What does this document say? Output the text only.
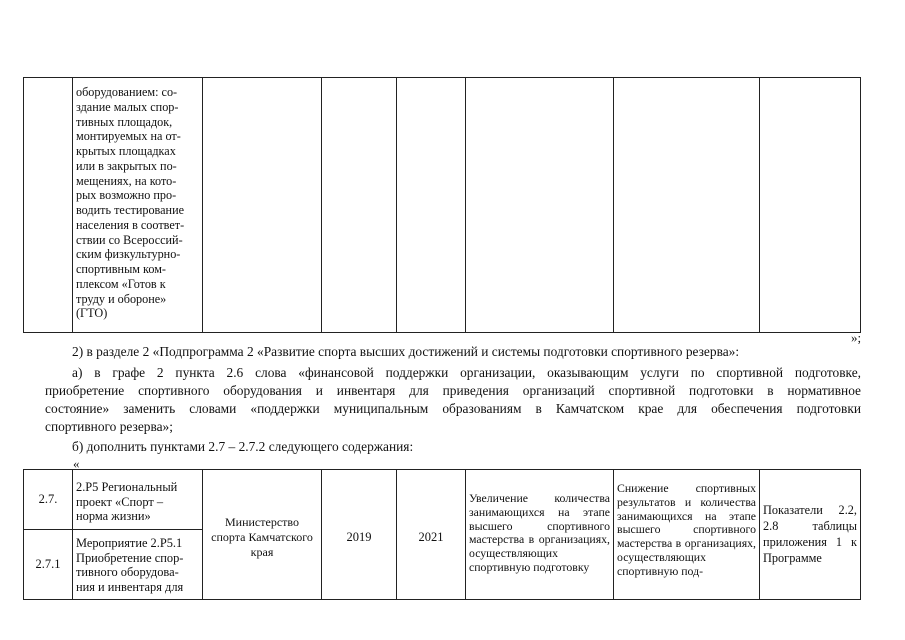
оборудованием: со-
здание малых спор-
тивных площадок,
монтируемых на от-
крытых площадках
или в закрытых по-
мещениях, на кото-
рых возможно про-
водить тестирование
населения в соответ-
ствии со Всероссий-
ским физкультурно-
спортивным ком-
плексом «Готов к
труду и обороне»
(ГТО)

»;
2) в разделе 2 «Подпрограмма 2 «Развитие спорта высших достижений и системы подготовки спортивного резерва»:
а) в графе 2 пункта 2.6 слова «финансовой поддержки организации, оказывающим услуги по спортивной подготовке,
приобретение спортивного оборудования и инвентаря для приведения организаций спортивной подготовки в нормативное
состояние» заменить словами «поддержки муниципальным образованиям в Камчатском крае для обеспечения подготовки
спортивного резерва»;
б) дополнить пунктами 2.7 – 2.7.2 следующего содержания:
«
2.7.	2.Р5 Региональный
проект «Спорт –
норма жизни»	Министерство спорта Камчатского края	2019	2021	Увеличение количества занимающихся на этапе высшего спортивного мастерства в организациях, осуществляющих спортивную подготовку	Снижение спортивных результатов и количества занимающихся на этапе высшего спортивного мастерства в организациях, осуществляющих спортивную под-	Показатели 2.2, 2.8 таблицы приложения 1 к Программе

2.7.1	Мероприятие 2.Р5.1
Приобретение спор-
тивного оборудова-
ния и инвентаря для						
